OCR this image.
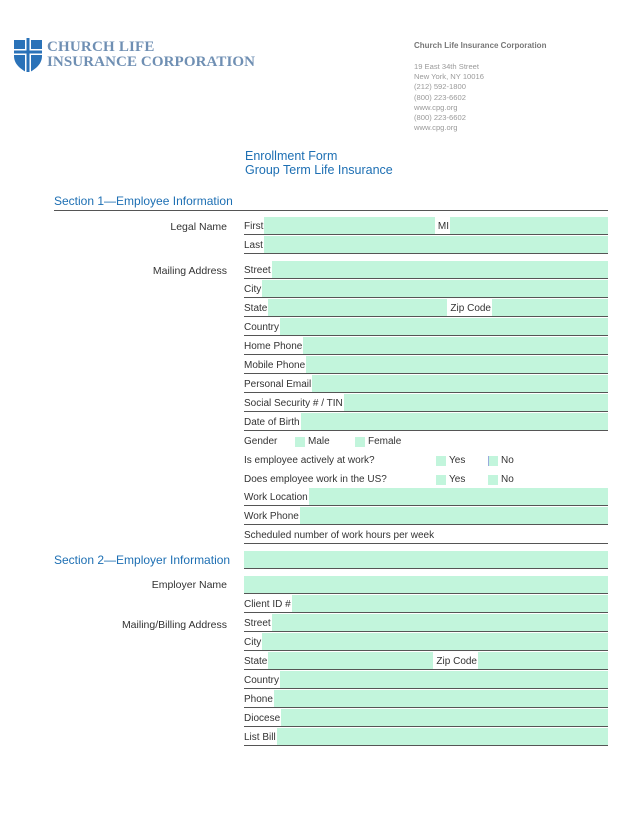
CHURCH LIFE
INSURANCE CORPORATION
Church Life Insurance Corporation
19 East 34th Street
New York, NY 10016
(212) 592-1800
(800) 223-6602
www.cpg.org
(800) 223-6602
www.cpg.org
Enrollment Form
Group Term Life Insurance
Section 1—Employee Information
Legal Name First	MI
Last
Mailing Address Street
City
State	Zip Code
Country
Home Phone
Mobile Phone
Personal Email
Social Security # / TIN
Date of Birth
Gender	Male	Female
Is employee actively at work?	Yes	No
Does employee work in the US?	Yes	No
Work Location
Work Phone
Scheduled number of work hours per week
Section 2—Employer Information
Employer Name
Client ID #
Mailing/Billing Address Street
City
State	Zip Code
Country
Phone
Diocese
List Bill
